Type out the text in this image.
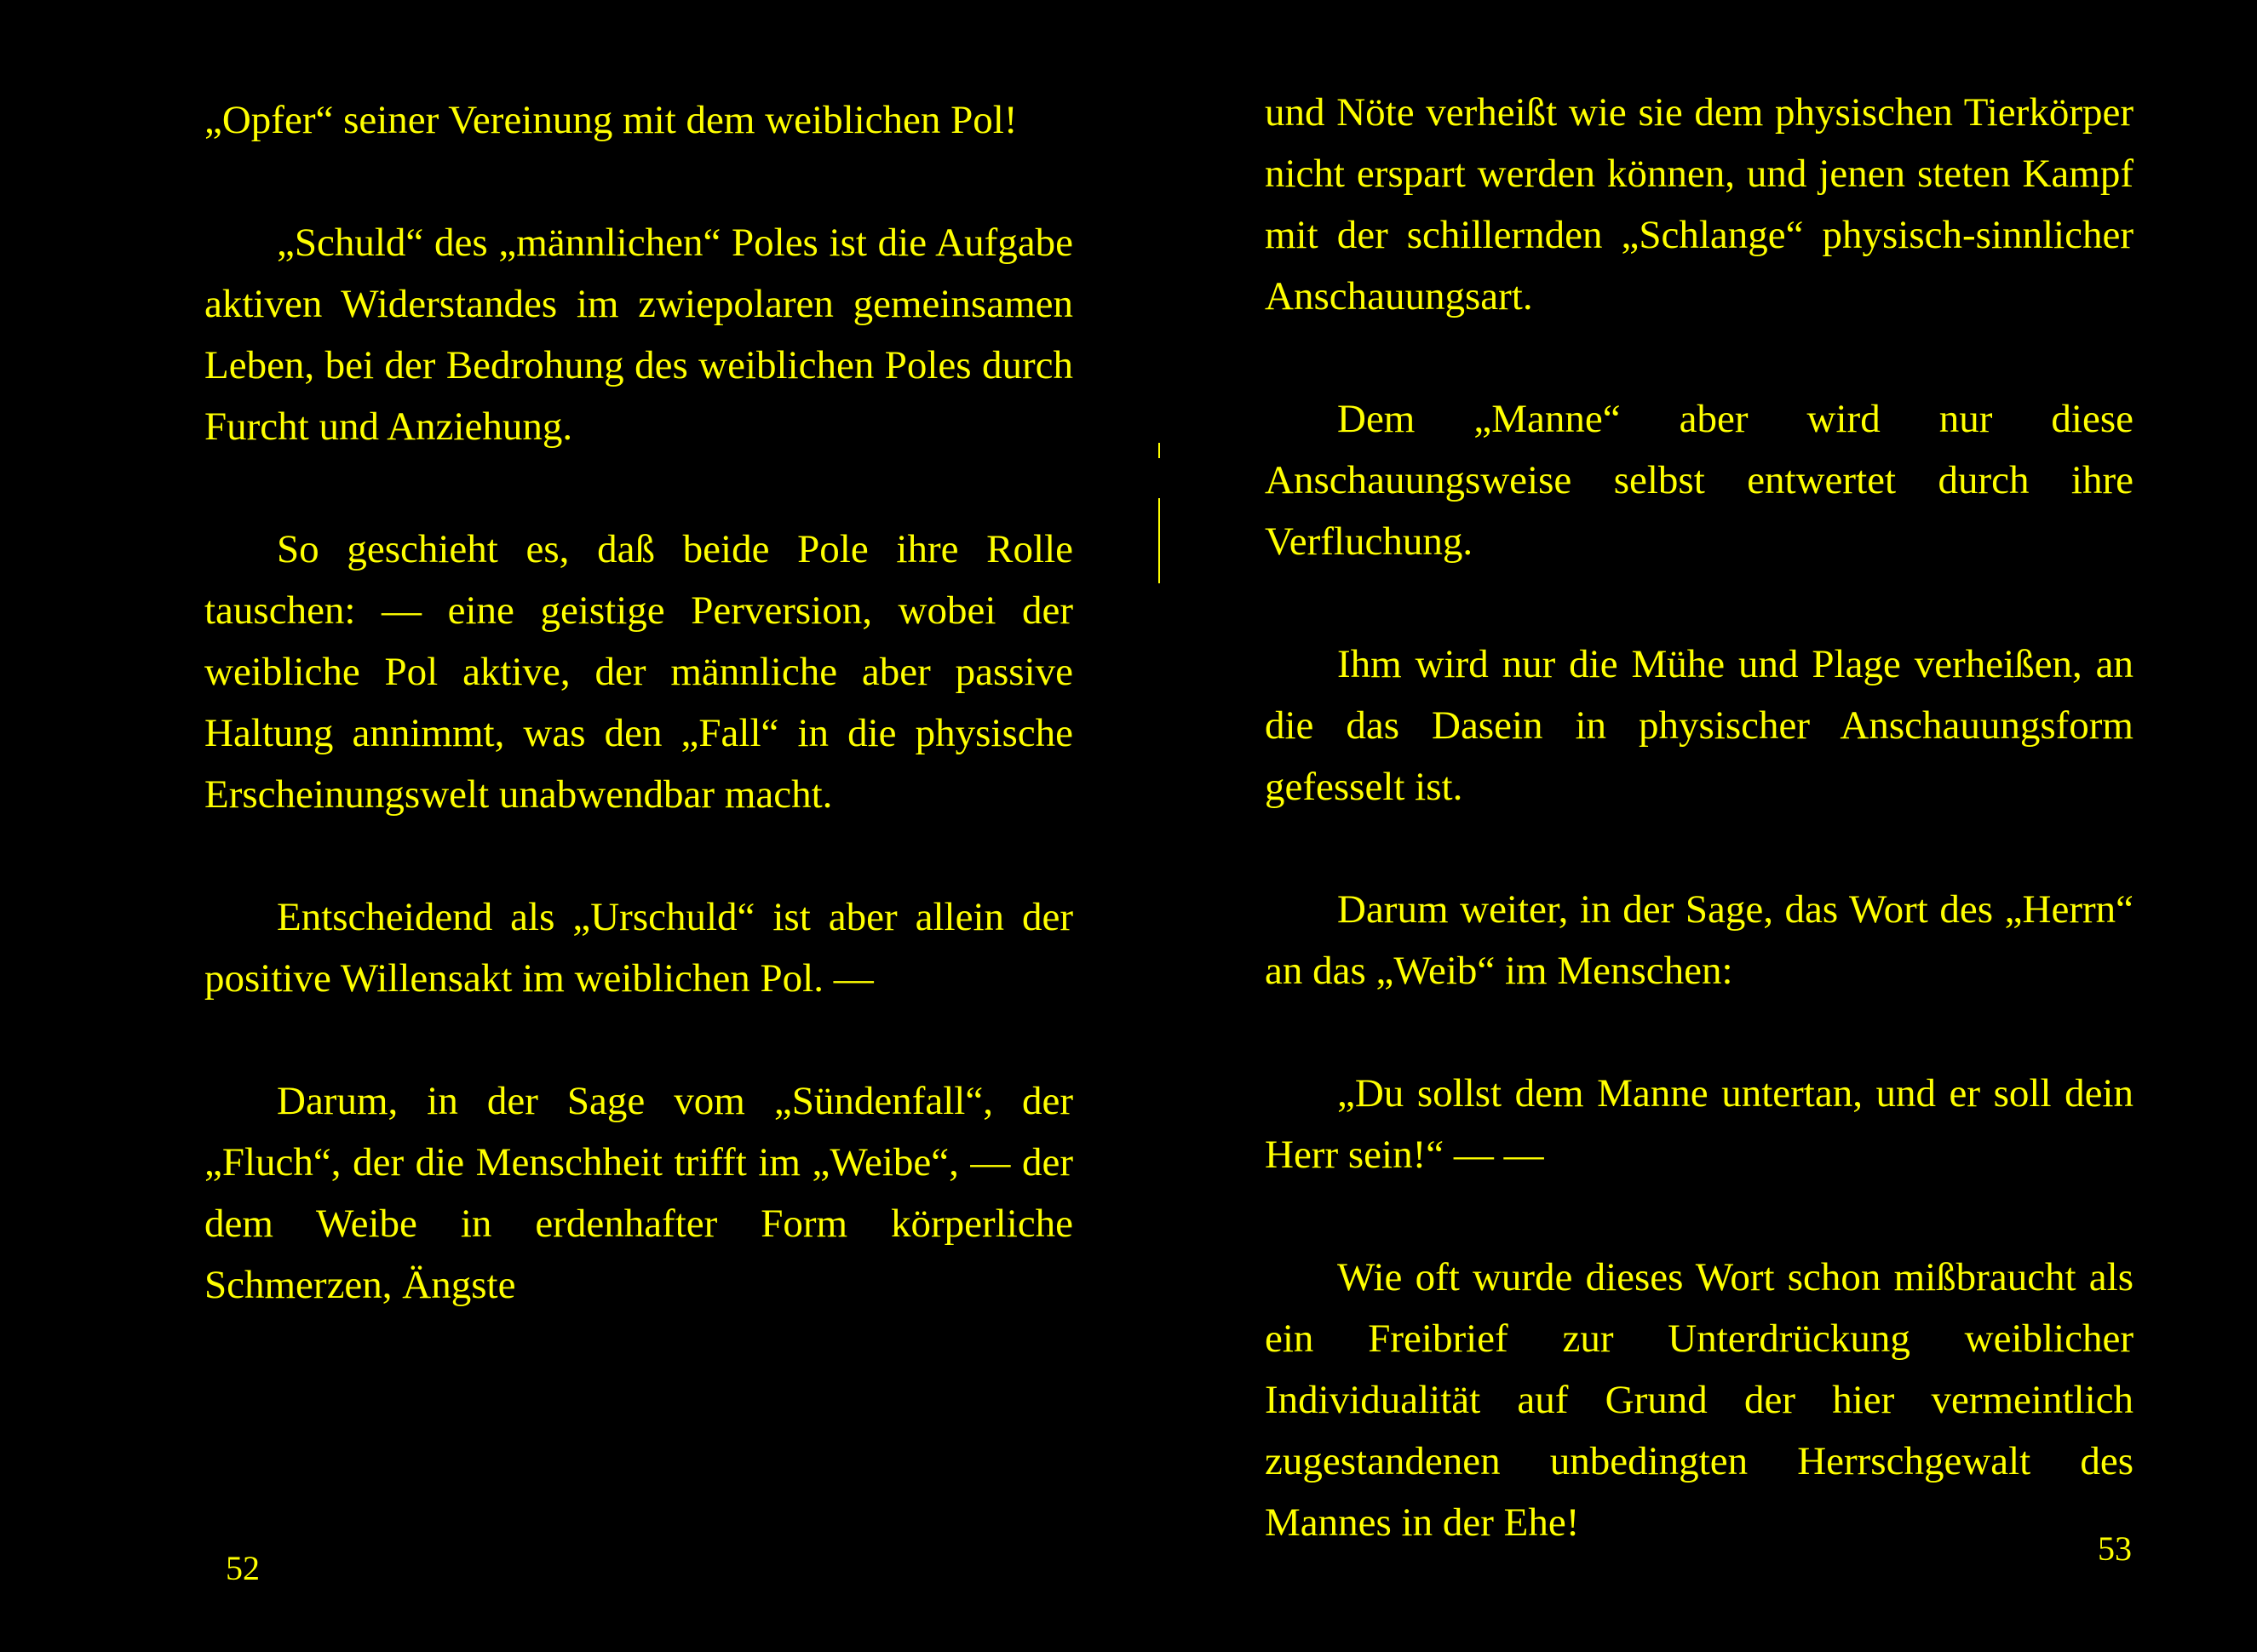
„Opfer“ seiner Vereinung mit dem weiblichen Pol!

„Schuld“ des „männlichen“ Poles ist die Aufgabe aktiven Widerstandes im zwiepolaren gemeinsamen Leben, bei der Bedrohung des weiblichen Poles durch Furcht und Anziehung.

So geschieht es, daß beide Pole ihre Rolle tauschen: — eine geistige Perversion, wobei der weibliche Pol aktive, der männliche aber passive Haltung annimmt, was den „Fall“ in die physische Erscheinungswelt unabwendbar macht.

Entscheidend als „Urschuld“ ist aber allein der positive Willensakt im weiblichen Pol. —

Darum, in der Sage vom „Sündenfall“, der „Fluch“, der die Menschheit trifft im „Weibe“, — der dem Weibe in erdenhafter Form körperliche Schmerzen, Ängste

52

und Nöte verheißt wie sie dem physischen Tierkörper nicht erspart werden können, und jenen steten Kampf mit der schillernden „Schlange“ physisch-sinnlicher Anschauungsart.

Dem „Manne“ aber wird nur diese Anschauungsweise selbst entwertet durch ihre Verfluchung.

Ihm wird nur die Mühe und Plage verheißen, an die das Dasein in physischer Anschauungsform gefesselt ist.

Darum weiter, in der Sage, das Wort des „Herrn“ an das „Weib“ im Menschen:

„Du sollst dem Manne untertan, und er soll dein Herr sein!“ — —

Wie oft wurde dieses Wort schon mißbraucht als ein Freibrief zur Unterdrückung weiblicher Individualität auf Grund der hier vermeintlich zugestandenen unbedingten Herrschgewalt des Mannes in der Ehe!

53
